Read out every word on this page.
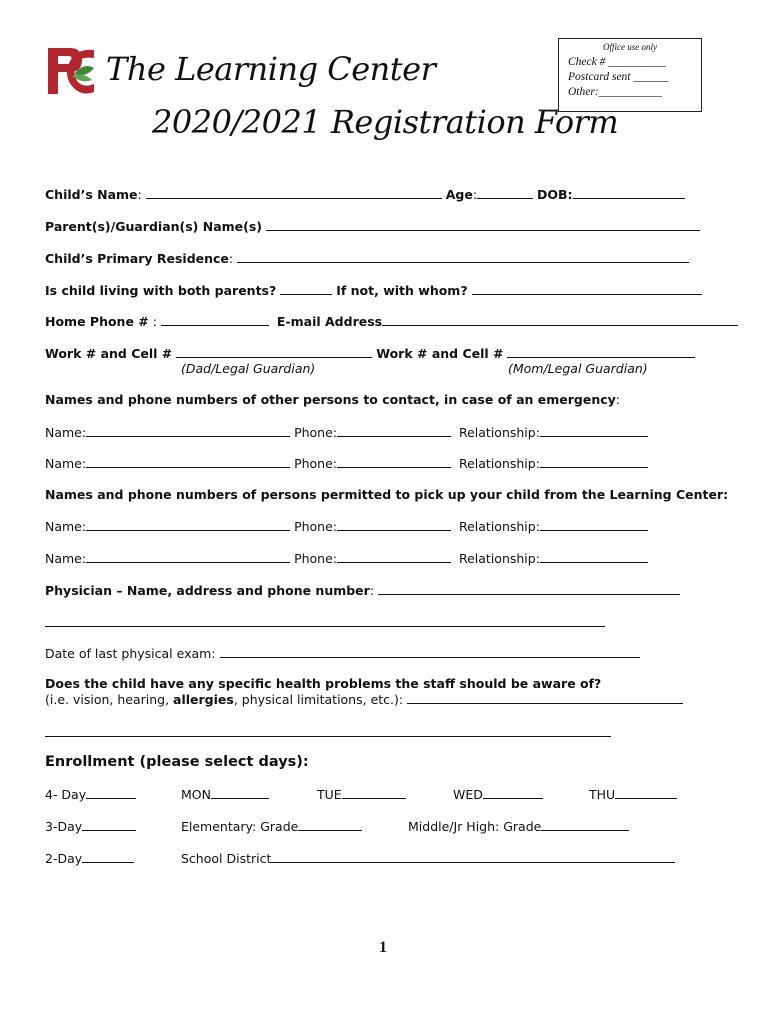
The Learning Center
2020/2021 Registration Form
Office use only
Check # __________
Postcard sent ______
Other:___________
Child’s Name:	Age:	DOB:
Parent(s)/Guardian(s) Name(s)
Child’s Primary Residence:
Is child living with both parents?	If not, with whom?
Home Phone # :	E-mail Address
Work # and Cell #	Work # and Cell #
(Dad/Legal Guardian)	(Mom/Legal Guardian)
Names and phone numbers of other persons to contact, in case of an emergency:
Name:	Phone:	Relationship:
Name:	Phone:	Relationship:
Names and phone numbers of persons permitted to pick up your child from the Learning Center:
Name:	Phone:	Relationship:
Name:	Phone:	Relationship:
Physician – Name, address and phone number:
Date of last physical exam:
Does the child have any specific health problems the staff should be aware of?
(i.e. vision, hearing, allergies, physical limitations, etc.):
Enrollment (please select days):
4- Day	MON	TUE	WED	THU
3-Day	Elementary: Grade	Middle/Jr High: Grade
2-Day	School District
1
